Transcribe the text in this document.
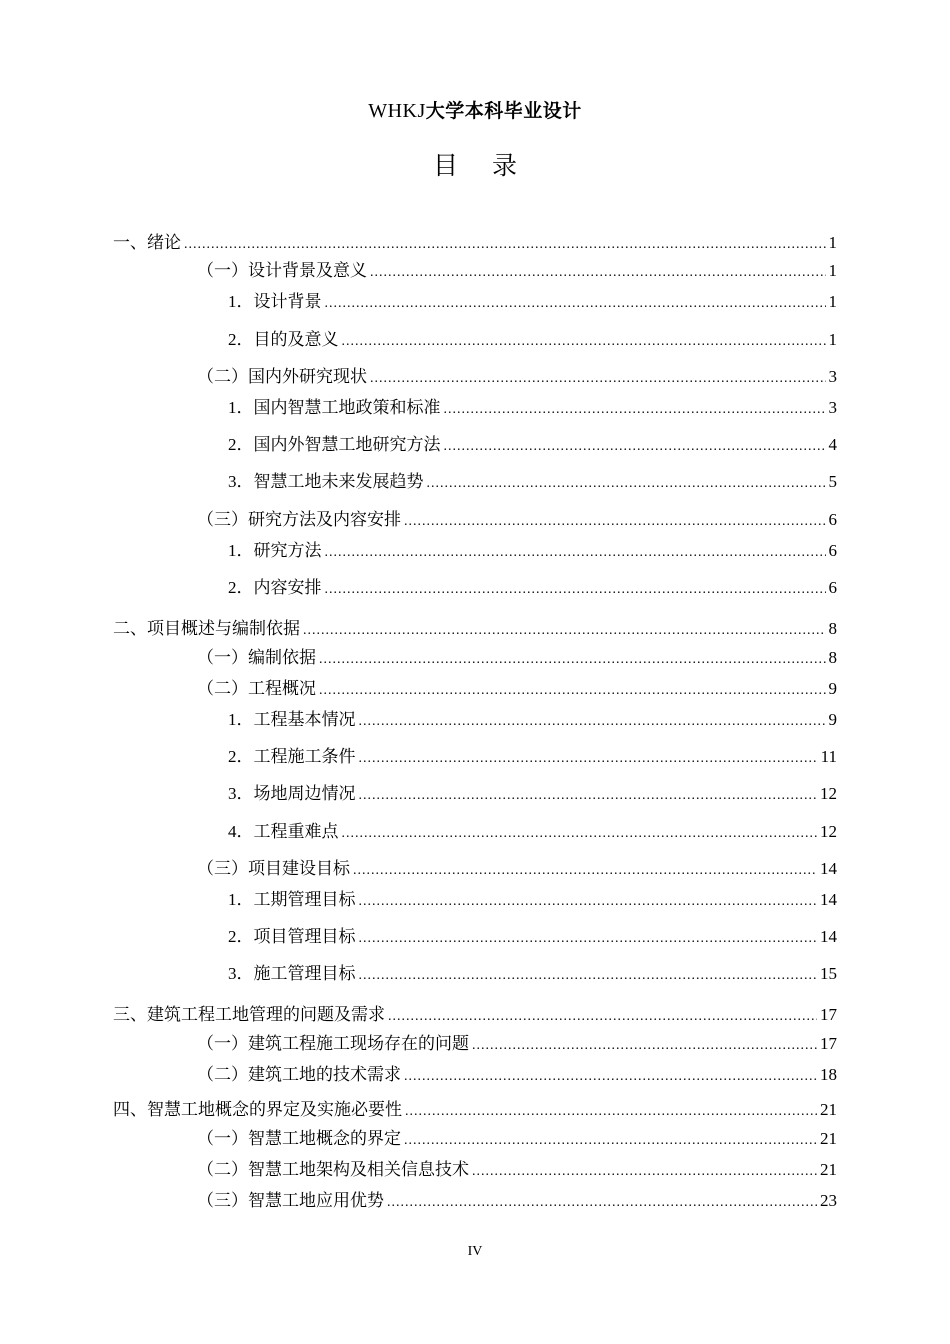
WHKJ大学本科毕业设计
目 录
一、 绪论 .....	1
（一） 设计背景及意义 .....	1
1． 设计背景 .....	1
2． 目的及意义 .....	1
（二） 国内外研究现状 .....	3
1． 国内智慧工地政策和标准 .....	3
2． 国内外智慧工地研究方法 .....	4
3． 智慧工地未来发展趋势 .....	5
（三） 研究方法及内容安排 .....	6
1． 研究方法 .....	6
2． 内容安排 .....	6
二、 项目概述与编制依据 .....	8
（一） 编制依据 .....	8
（二） 工程概况 .....	9
1． 工程基本情况 .....	9
2． 工程施工条件 .....	11
3． 场地周边情况 .....	12
4． 工程重难点 .....	12
（三） 项目建设目标 .....	14
1． 工期管理目标 .....	14
2． 项目管理目标 .....	14
3． 施工管理目标 .....	15
三、 建筑工程工地管理的问题及需求 .....	17
（一） 建筑工程施工现场存在的问题 .....	17
（二） 建筑工地的技术需求 .....	18
四、 智慧工地概念的界定及实施必要性 .....	21
（一） 智慧工地概念的界定 .....	21
（二） 智慧工地架构及相关信息技术 .....	21
（三） 智慧工地应用优势 .....	23
IV
